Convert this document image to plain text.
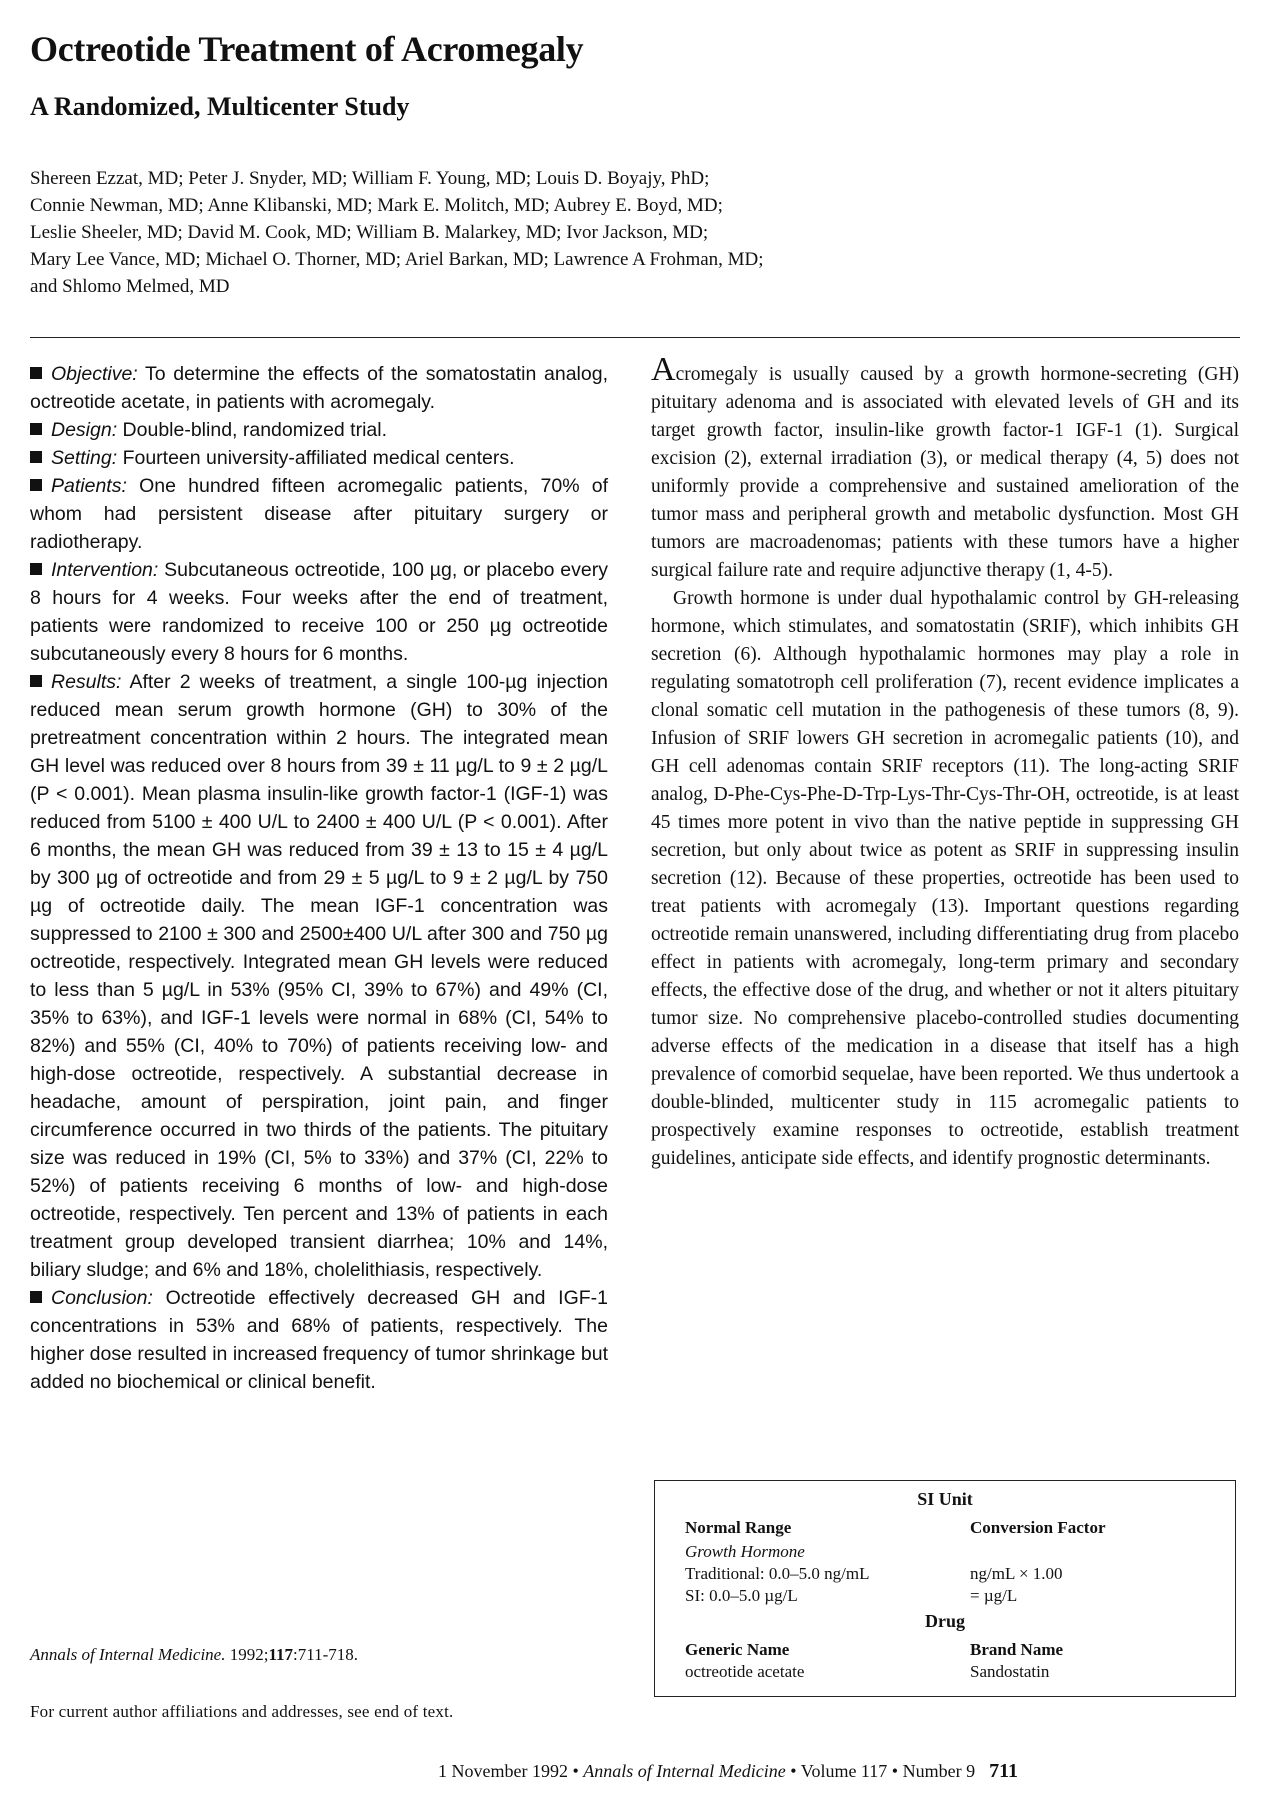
Octreotide Treatment of Acromegaly
A Randomized, Multicenter Study
Shereen Ezzat, MD; Peter J. Snyder, MD; William F. Young, MD; Louis D. Boyajy, PhD;
Connie Newman, MD; Anne Klibanski, MD; Mark E. Molitch, MD; Aubrey E. Boyd, MD;
Leslie Sheeler, MD; David M. Cook, MD; William B. Malarkey, MD; Ivor Jackson, MD;
Mary Lee Vance, MD; Michael O. Thorner, MD; Ariel Barkan, MD; Lawrence A Frohman, MD;
and Shlomo Melmed, MD

Objective: To determine the effects of the somatostatin analog, octreotide acetate, in patients with acromegaly.

Design: Double-blind, randomized trial.

Setting: Fourteen university-affiliated medical centers.

Patients: One hundred fifteen acromegalic patients, 70% of whom had persistent disease after pituitary surgery or radiotherapy.

Intervention: Subcutaneous octreotide, 100 µg, or placebo every 8 hours for 4 weeks. Four weeks after the end of treatment, patients were randomized to receive 100 or 250 µg octreotide subcutaneously every 8 hours for 6 months.

Results: After 2 weeks of treatment, a single 100-µg injection reduced mean serum growth hormone (GH) to 30% of the pretreatment concentration within 2 hours. The integrated mean GH level was reduced over 8 hours from 39 ± 11 µg/L to 9 ± 2 µg/L (P < 0.001). Mean plasma insulin-like growth factor-1 (IGF-1) was reduced from 5100 ± 400 U/L to 2400 ± 400 U/L (P < 0.001). After 6 months, the mean GH was reduced from 39 ± 13 to 15 ± 4 µg/L by 300 µg of octreotide and from 29 ± 5 µg/L to 9 ± 2 µg/L by 750 µg of octreotide daily. The mean IGF-1 concentration was suppressed to 2100 ± 300 and 2500±400 U/L after 300 and 750 µg octreotide, respectively. Integrated mean GH levels were reduced to less than 5 µg/L in 53% (95% CI, 39% to 67%) and 49% (CI, 35% to 63%), and IGF-1 levels were normal in 68% (CI, 54% to 82%) and 55% (CI, 40% to 70%) of patients receiving low- and high-dose octreotide, respectively. A substantial decrease in headache, amount of perspiration, joint pain, and finger circumference occurred in two thirds of the patients. The pituitary size was reduced in 19% (CI, 5% to 33%) and 37% (CI, 22% to 52%) of patients receiving 6 months of low- and high-dose octreotide, respectively. Ten percent and 13% of patients in each treatment group developed transient diarrhea; 10% and 14%, biliary sludge; and 6% and 18%, cholelithiasis, respectively.

Conclusion: Octreotide effectively decreased GH and IGF-1 concentrations in 53% and 68% of patients, respectively. The higher dose resulted in increased frequency of tumor shrinkage but added no biochemical or clinical benefit.

Annals of Internal Medicine. 1992;117:711-718.

For current author affiliations and addresses, see end of text.

Acromegaly is usually caused by a growth hormone-secreting (GH) pituitary adenoma and is associated with elevated levels of GH and its target growth factor, insulin-like growth factor-1 IGF-1 (1). Surgical excision (2), external irradiation (3), or medical therapy (4, 5) does not uniformly provide a comprehensive and sustained amelioration of the tumor mass and peripheral growth and metabolic dysfunction. Most GH tumors are macroadenomas; patients with these tumors have a higher surgical failure rate and require adjunctive therapy (1, 4-5).

Growth hormone is under dual hypothalamic control by GH-releasing hormone, which stimulates, and somatostatin (SRIF), which inhibits GH secretion (6). Although hypothalamic hormones may play a role in regulating somatotroph cell proliferation (7), recent evidence implicates a clonal somatic cell mutation in the pathogenesis of these tumors (8, 9). Infusion of SRIF lowers GH secretion in acromegalic patients (10), and GH cell adenomas contain SRIF receptors (11). The long-acting SRIF analog, D-Phe-Cys-Phe-D-Trp-Lys-Thr-Cys-Thr-OH, octreotide, is at least 45 times more potent in vivo than the native peptide in suppressing GH secretion, but only about twice as potent as SRIF in suppressing insulin secretion (12). Because of these properties, octreotide has been used to treat patients with acromegaly (13). Important questions regarding octreotide remain unanswered, including differentiating drug from placebo effect in patients with acromegaly, long-term primary and secondary effects, the effective dose of the drug, and whether or not it alters pituitary tumor size. No comprehensive placebo-controlled studies documenting adverse effects of the medication in a disease that itself has a high prevalence of comorbid sequelae, have been reported. We thus undertook a double-blinded, multicenter study in 115 acromegalic patients to prospectively examine responses to octreotide, establish treatment guidelines, anticipate side effects, and identify prognostic determinants.

SI Unit
Normal Range	Conversion Factor
Growth Hormone
Traditional: 0.0–5.0 ng/mL	ng/mL × 1.00
SI: 0.0–5.0 µg/L	= µg/L
Drug
Generic Name	Brand Name
octreotide acetate	Sandostatin

1 November 1992 • Annals of Internal Medicine • Volume 117 • Number 9 711
